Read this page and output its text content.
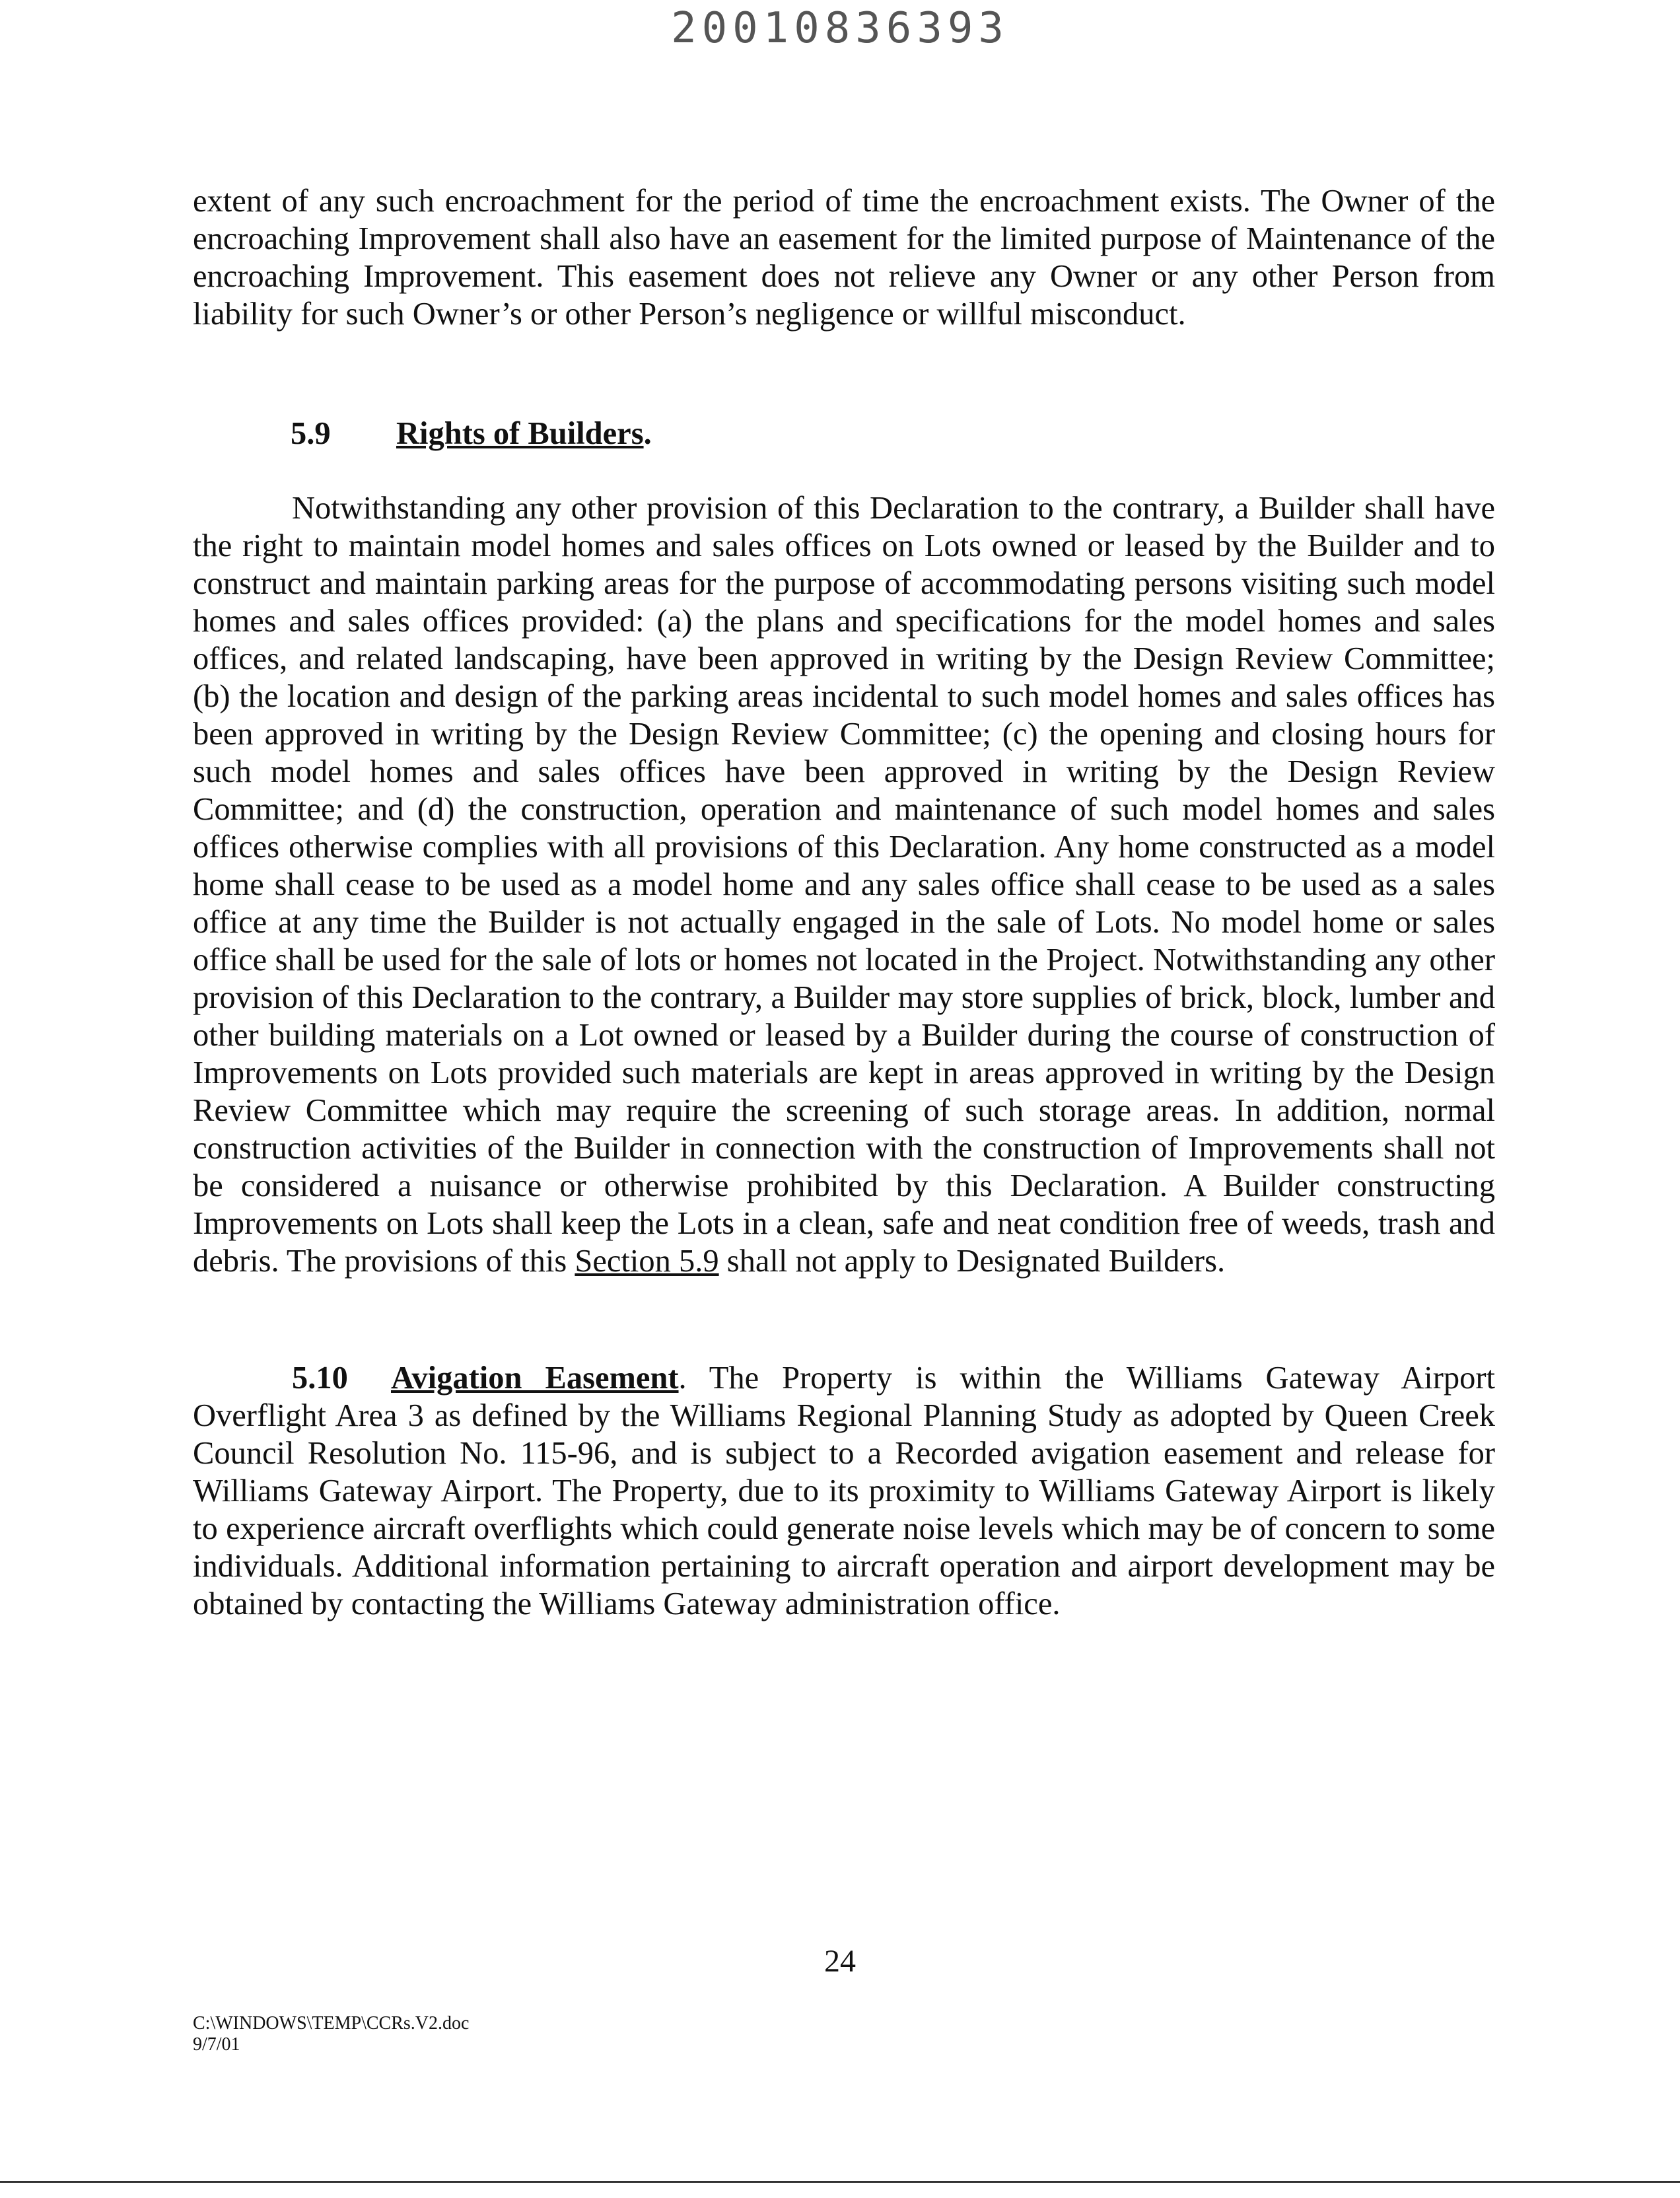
20010836393

extent of any such encroachment for the period of time the encroachment exists. The Owner of the encroaching Improvement shall also have an easement for the limited purpose of Maintenance of the encroaching Improvement. This easement does not relieve any Owner or any other Person from liability for such Owner’s or other Person’s negligence or willful misconduct.

5.9 Rights of Builders.

Notwithstanding any other provision of this Declaration to the contrary, a Builder shall have the right to maintain model homes and sales offices on Lots owned or leased by the Builder and to construct and maintain parking areas for the purpose of accommodating persons visiting such model homes and sales offices provided: (a) the plans and specifications for the model homes and sales offices, and related landscaping, have been approved in writing by the Design Review Committee; (b) the location and design of the parking areas incidental to such model homes and sales offices has been approved in writing by the Design Review Committee; (c) the opening and closing hours for such model homes and sales offices have been approved in writing by the Design Review Committee; and (d) the construction, operation and maintenance of such model homes and sales offices otherwise complies with all provisions of this Declaration. Any home constructed as a model home shall cease to be used as a model home and any sales office shall cease to be used as a sales office at any time the Builder is not actually engaged in the sale of Lots. No model home or sales office shall be used for the sale of lots or homes not located in the Project. Notwithstanding any other provision of this Declaration to the contrary, a Builder may store supplies of brick, block, lumber and other building materials on a Lot owned or leased by a Builder during the course of construction of Improvements on Lots provided such materials are kept in areas approved in writing by the Design Review Committee which may require the screening of such storage areas. In addition, normal construction activities of the Builder in connection with the construction of Improvements shall not be considered a nuisance or otherwise prohibited by this Declaration. A Builder constructing Improvements on Lots shall keep the Lots in a clean, safe and neat condition free of weeds, trash and debris. The provisions of this Section 5.9 shall not apply to Designated Builders.

5.10 Avigation Easement. The Property is within the Williams Gateway Airport Overflight Area 3 as defined by the Williams Regional Planning Study as adopted by Queen Creek Council Resolution No. 115-96, and is subject to a Recorded avigation easement and release for Williams Gateway Airport. The Property, due to its proximity to Williams Gateway Airport is likely to experience aircraft overflights which could generate noise levels which may be of concern to some individuals. Additional information pertaining to aircraft operation and airport development may be obtained by contacting the Williams Gateway administration office.

24
C:\WINDOWS\TEMP\CCRs.V2.doc
9/7/01
